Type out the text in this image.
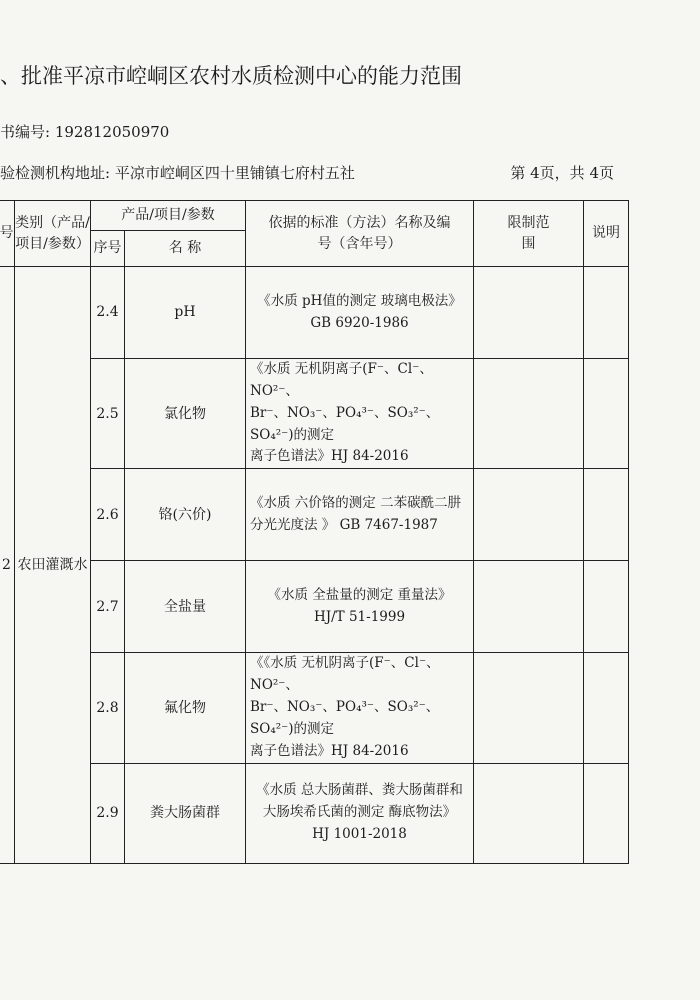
、批准平凉市崆峒区农村水质检测中心的能力范围
书编号: 192812050970
验检测机构地址: 平凉市崆峒区四十里铺镇七府村五社	第 4页，共 4页
号	类别（产品/项目/参数）	产品/项目/参数		依据的标准（方法）名称及编号（含年号）	限制范围	说明
		序号	名 称			
2	农田灌溉水	2.4	pH	《水质 pH值的测定 玻璃电极法》
GB 6920-1986		

		2.5	氯化物	《水质 无机阴离子(F⁻、Cl⁻、NO²⁻、
Br⁻、NO₃⁻、PO₄³⁻、SO₃²⁻、SO₄²⁻)的测定
离子色谱法》HJ 84-2016		

		2.6	铬(六价)	《水质 六价铬的测定 二苯碳酰二肼
分光光度法 》 GB 7467-1987		

		2.7	全盐量	《水质 全盐量的测定 重量法》
HJ/T 51-1999		

		2.8	氟化物	《《水质 无机阴离子(F⁻、Cl⁻、NO²⁻、
Br⁻、NO₃⁻、PO₄³⁻、SO₃²⁻、SO₄²⁻)的测定
离子色谱法》HJ 84-2016		

		2.9	粪大肠菌群	《水质 总大肠菌群、粪大肠菌群和
大肠埃希氏菌的测定 酶底物法》
HJ 1001-2018		
